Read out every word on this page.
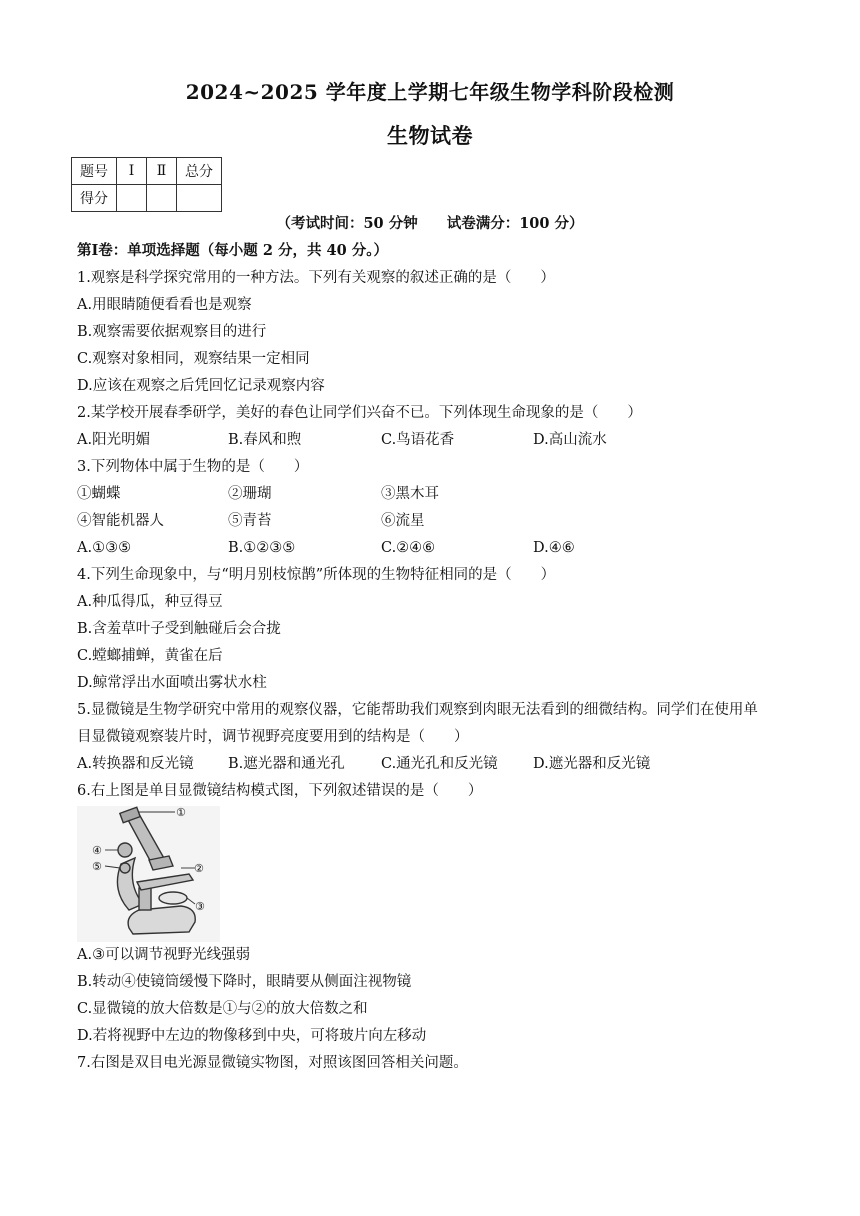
2024~2025 学年度上学期七年级生物学科阶段检测
生物试卷
题号	Ⅰ	Ⅱ	总分
得分			
（考试时间：50 分钟　　试卷满分：100 分）
第Ⅰ卷：单项选择题（每小题 2 分，共 40 分。）
1.观察是科学探究常用的一种方法。下列有关观察的叙述正确的是（　　）
A.用眼睛随便看看也是观察
B.观察需要依据观察目的进行
C.观察对象相同，观察结果一定相同
D.应该在观察之后凭回忆记录观察内容
2.某学校开展春季研学，美好的春色让同学们兴奋不已。下列体现生命现象的是（　　）
A.阳光明媚	B.春风和煦	C.鸟语花香	D.高山流水
3.下列物体中属于生物的是（　　）
①蝴蝶	②珊瑚	③黑木耳
④智能机器人	⑤青苔	⑥流星
A.①③⑤	B.①②③⑤	C.②④⑥	D.④⑥
4.下列生命现象中，与“明月别枝惊鹊”所体现的生物特征相同的是（　　）
A.种瓜得瓜，种豆得豆
B.含羞草叶子受到触碰后会合拢
C.螳螂捕蝉，黄雀在后
D.鲸常浮出水面喷出雾状水柱
5.显微镜是生物学研究中常用的观察仪器，它能帮助我们观察到肉眼无法看到的细微结构。同学们在使用单
目显微镜观察装片时，调节视野亮度要用到的结构是（　　）
A.转换器和反光镜 B.遮光器和通光孔 C.通光孔和反光镜 D.遮光器和反光镜
6.右上图是单目显微镜结构模式图，下列叙述错误的是（　　）
①
②
③
④
⑤
A.③可以调节视野光线强弱
B.转动④使镜筒缓慢下降时，眼睛要从侧面注视物镜
C.显微镜的放大倍数是①与②的放大倍数之和
D.若将视野中左边的物像移到中央，可将玻片向左移动
7.右图是双目电光源显微镜实物图，对照该图回答相关问题。
